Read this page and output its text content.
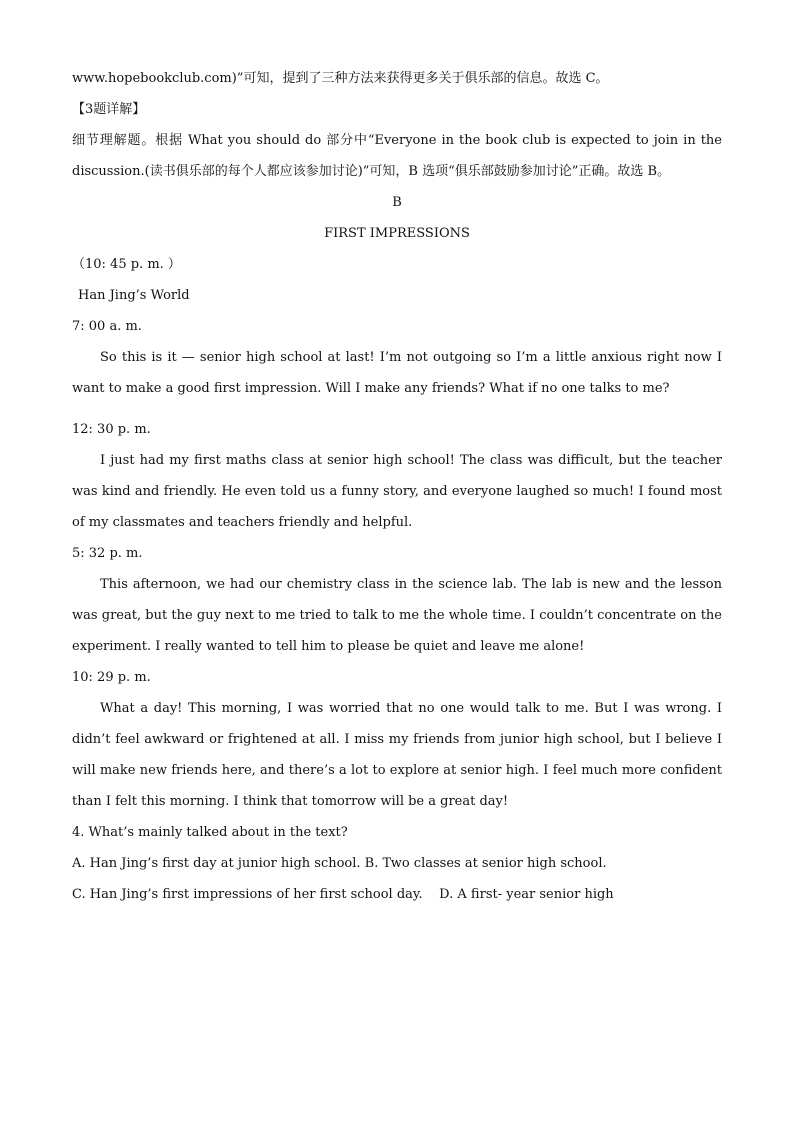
www.hopebookclub.com)”可知，提到了三种方法来获得更多关于俱乐部的信息。故选 C。

【3题详解】

细节理解题。根据 What you should do 部分中“Everyone in the book club is expected to join in the discussion.(读书俱乐部的每个人都应该参加讨论)”可知，B 选项“俱乐部鼓励参加讨论”正确。故选 B。

B

FIRST IMPRESSIONS

（10: 45 p. m. ）

Han Jing’s World

7: 00 a. m.

So this is it — senior high school at last! I’m not outgoing so I’m a little anxious right now I want to make a good first impression. Will I make any friends? What if no one talks to me?

12: 30 p. m.

I just had my first maths class at senior high school! The class was difficult, but the teacher was kind and friendly. He even told us a funny story, and everyone laughed so much! I found most of my classmates and teachers friendly and helpful.

5: 32 p. m.

This afternoon, we had our chemistry class in the science lab. The lab is new and the lesson was great, but the guy next to me tried to talk to me the whole time. I couldn’t concentrate on the experiment. I really wanted to tell him to please be quiet and leave me alone!

10: 29 p. m.

What a day! This morning, I was worried that no one would talk to me. But I was wrong. I didn’t feel awkward or frightened at all. I miss my friends from junior high school, but I believe I will make new friends here, and there’s a lot to explore at senior high. I feel much more confident than I felt this morning. I think that tomorrow will be a great day!

4. What’s mainly talked about in the text?

A. Han Jing’s first day at junior high school. B. Two classes at senior high school.

C. Han Jing’s first impressions of her first school day.    D. A first- year senior high
